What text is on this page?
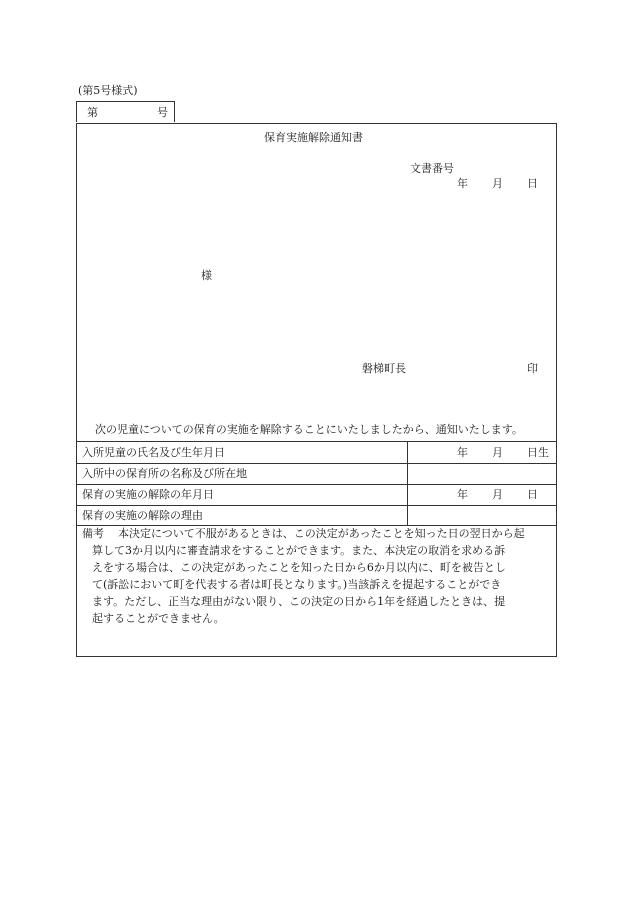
(第5号様式)
第	号
保育実施解除通知書
文書番号
年 月 日
様
磐梯町長	印
次の児童についての保育の実施を解除することにいたしましたから、通知いたします。
入所児童の氏名及び生年月日	年 月 日生
入所中の保育所の名称及び所在地
保育の実施の解除の年月日	年 月 日
保育の実施の解除の理由
備考 本決定について不服があるときは、この決定があったことを知った日の翌日から起
算して3か月以内に審査請求をすることができます。また、本決定の取消を求める訴
えをする場合は、この決定があったことを知った日から6か月以内に、町を被告とし
て(訴訟において町を代表する者は町長となります。)当該訴えを提起することができ
ます。ただし、正当な理由がない限り、この決定の日から1年を経過したときは、提
起することができません。
